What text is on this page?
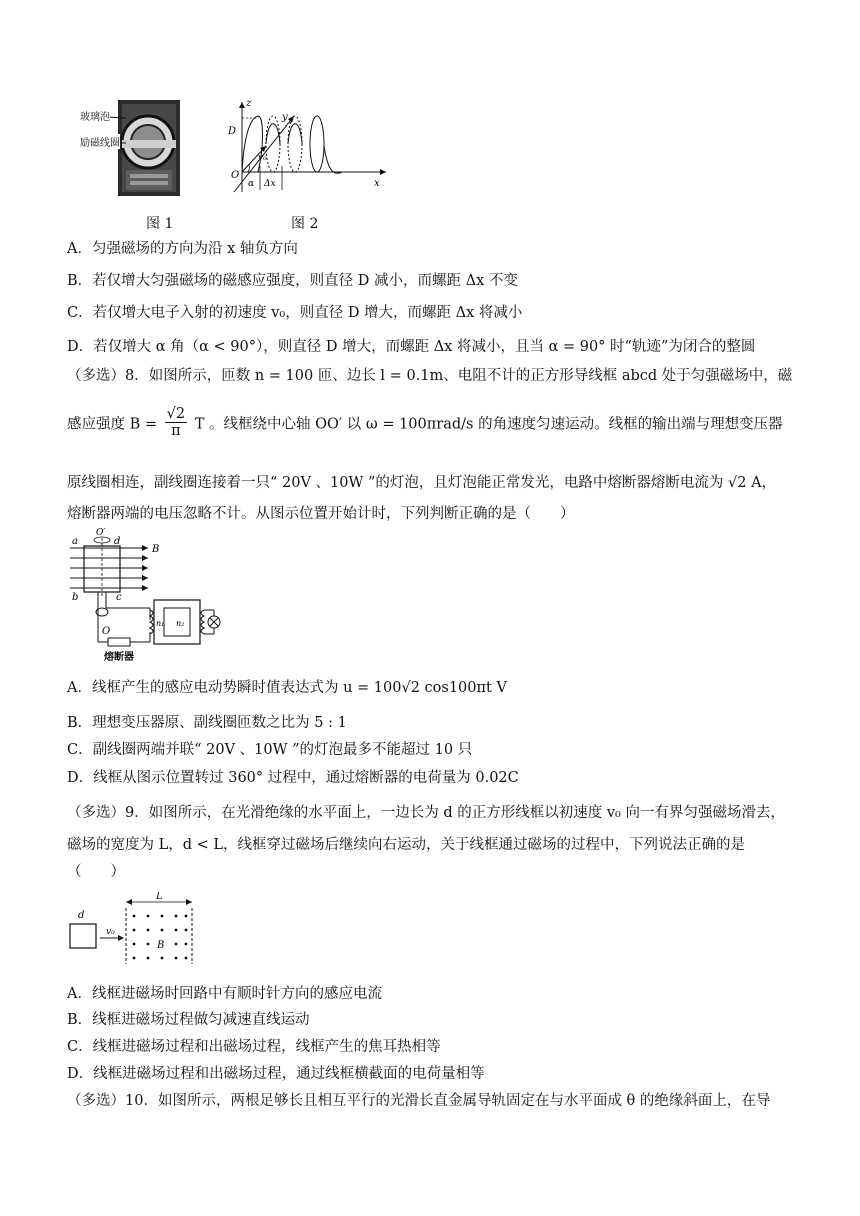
玻璃泡
励磁线圈
z
y
x
D
O
v₀
α Δx
图 1	图 2
A．匀强磁场的方向为沿 x 轴负方向
B．若仅增大匀强磁场的磁感应强度，则直径 D 减小，而螺距 Δx 不变
C．若仅增大电子入射的初速度 v₀，则直径 D 增大，而螺距 Δx 将减小
D．若仅增大 α 角（α < 90°），则直径 D 增大，而螺距 Δx 将减小，且当 α = 90° 时“轨迹”为闭合的整圆
（多选）8．如图所示，匝数 n = 100 匝、边长 l = 0.1m、电阻不计的正方形导线框 abcd 处于匀强磁场中，磁
感应强度 $B = \frac{√2}{\pi}$ T 。线框绕中心轴 OO′ 以 ω = 100πrad/s 的角速度匀速运动。线框的输出端与理想变压器
原线圈相连，副线圈连接着一只“ 20V 、10W ”的灯泡，且灯泡能正常发光，电路中熔断器熔断电流为 √2 A，
熔断器两端的电压忽略不计。从图示位置开始计时，下列判断正确的是（　　）
a	d
b	c
B
O′
O
n₁ n₂
熔断器
A．线框产生的感应电动势瞬时值表达式为 u = 100√2 cos100πt V
B．理想变压器原、副线圈匝数之比为 5 : 1
C．副线圈两端并联“ 20V 、10W ”的灯泡最多不能超过 10 只
D．线框从图示位置转过 360° 过程中，通过熔断器的电荷量为 0.02C
（多选）9．如图所示，在光滑绝缘的水平面上，一边长为 d 的正方形线框以初速度 v₀ 向一有界匀强磁场滑去，
磁场的宽度为 L，d < L，线框穿过磁场后继续向右运动，关于线框通过磁场的过程中，下列说法正确的是
（　　）
d
L
v₀
B
A．线框进磁场时回路中有顺时针方向的感应电流
B．线框进磁场过程做匀减速直线运动
C．线框进磁场过程和出磁场过程，线框产生的焦耳热相等
D．线框进磁场过程和出磁场过程，通过线框横截面的电荷量相等
（多选）10．如图所示，两根足够长且相互平行的光滑长直金属导轨固定在与水平面成 θ 的绝缘斜面上，在导
